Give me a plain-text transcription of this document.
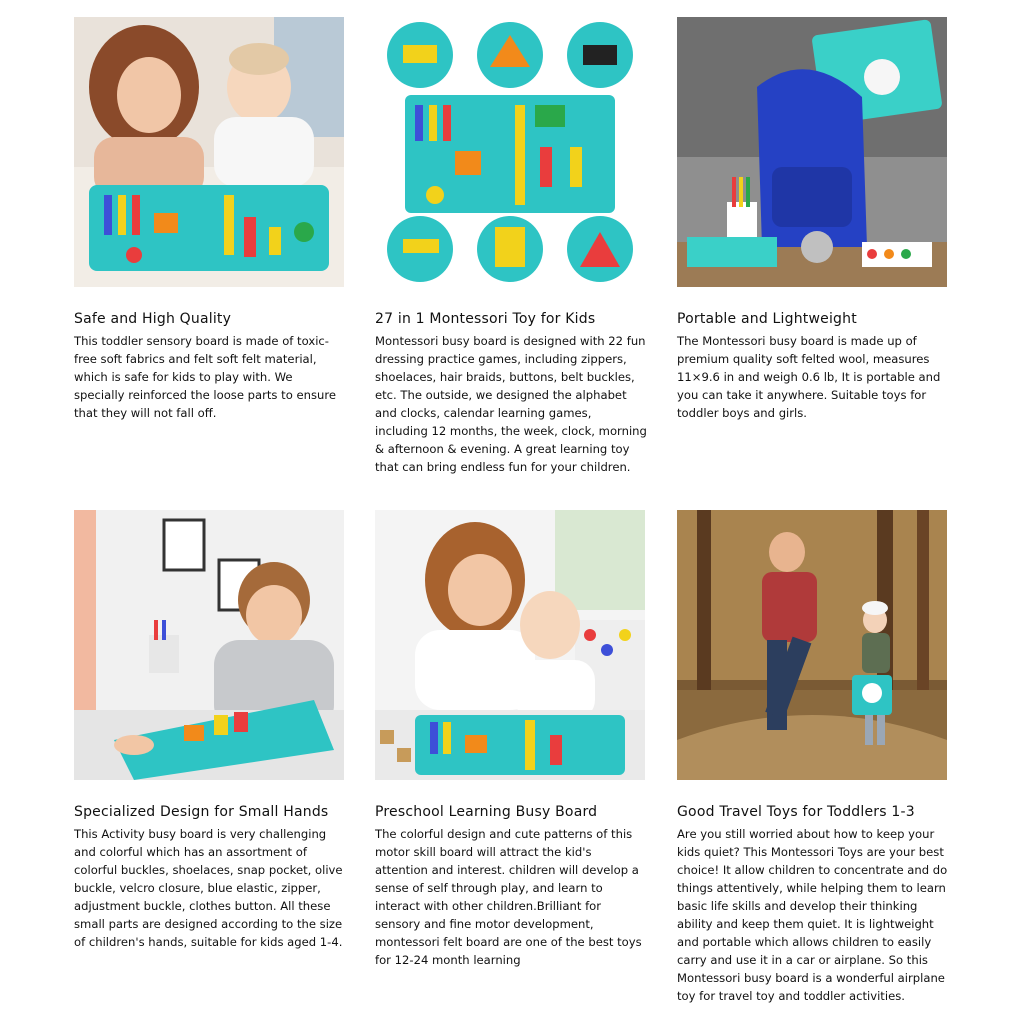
Safe and High Quality

This toddler sensory board is made of toxic-free soft fabrics and felt soft felt material, which is safe for kids to play with. We specially reinforced the loose parts to ensure that they will not fall off.

27 in 1 Montessori Toy for Kids

Montessori busy board is designed with 22 fun dressing practice games, including zippers, shoelaces, hair braids, buttons, belt buckles, etc. The outside, we designed the alphabet and clocks, calendar learning games, including 12 months, the week, clock, morning & afternoon & evening. A great learning toy that can bring endless fun for your children.

Portable and Lightweight

The Montessori busy board is made up of premium quality soft felted wool, measures 11×9.6 in and weigh 0.6 lb, It is portable and you can take it anywhere. Suitable toys for toddler boys and girls.

Specialized Design for Small Hands

This Activity busy board is very challenging and colorful which has an assortment of colorful buckles, shoelaces, snap pocket, olive buckle, velcro closure, blue elastic, zipper, adjustment buckle, clothes button. All these small parts are designed according to the size of children's hands, suitable for kids aged 1-4.

Preschool Learning Busy Board

The colorful design and cute patterns of this motor skill board will attract the kid's attention and interest. children will develop a sense of self through play, and learn to interact with other children.Brilliant for sensory and fine motor development, montessori felt board are one of the best toys for 12-24 month learning

Good Travel Toys for Toddlers 1-3

Are you still worried about how to keep your kids quiet? This Montessori Toys are your best choice! It allow children to concentrate and do things attentively, while helping them to learn basic life skills and develop their thinking ability and keep them quiet. It is lightweight and portable which allows children to easily carry and use it in a car or airplane. So this Montessori busy board is a wonderful airplane toy for travel toy and toddler activities.
